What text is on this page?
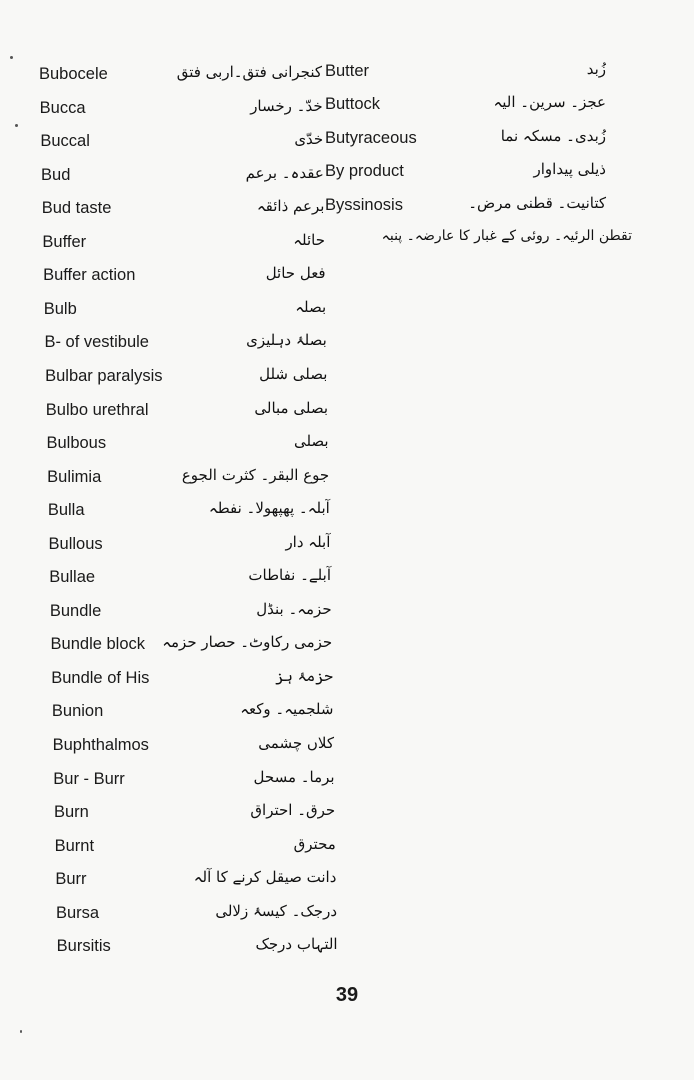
Bubocele	کنجرانی فتق۔اربی فتق
Bucca	خدّ۔ رخسار
Buccal	خدّی
Bud	عقدہ۔ برعم
Bud taste	برعم ذائقہ
Buffer	حائلہ
Buffer action	فعل حائل
Bulb	بصلہ
B- of vestibule	بصلۂ دہلیزی
Bulbar paralysis	بصلی شلل
Bulbo urethral	بصلی مبالی
Bulbous	بصلی
Bulimia	جوع البقر۔ کثرت الجوع
Bulla	آبلہ۔ پھپھولا۔ نفطہ
Bullous	آبلہ دار
Bullae	آبلے۔ نفاطات
Bundle	حزمہ۔ بنڈل
Bundle block حزمی رکاوٹ۔ حصار حزمہ
Bundle of His	حزمۂ ہز
Bunion	شلجمیہ۔ وکعہ
Buphthalmos	کلاں چشمی
Bur - Burr	برما۔ مسحل
Burn	حرق۔ احتراق
Burnt	محترق
Burr	دانت صیقل کرنے کا آلہ
Bursa	درجک۔ کیسۂ زلالی
Bursitis	التہاب درجک
Butter	زُبد
Buttock	عجز۔ سرین۔ الیہ
Butyraceous	زُبدی۔ مسکہ نما
By product	ذیلی پیداوار
Byssinosis	کتانیت۔ قطنی مرض۔
تقطن الرئیہ۔ روئی کے غبار کا عارضہ۔ پنبہ
39
